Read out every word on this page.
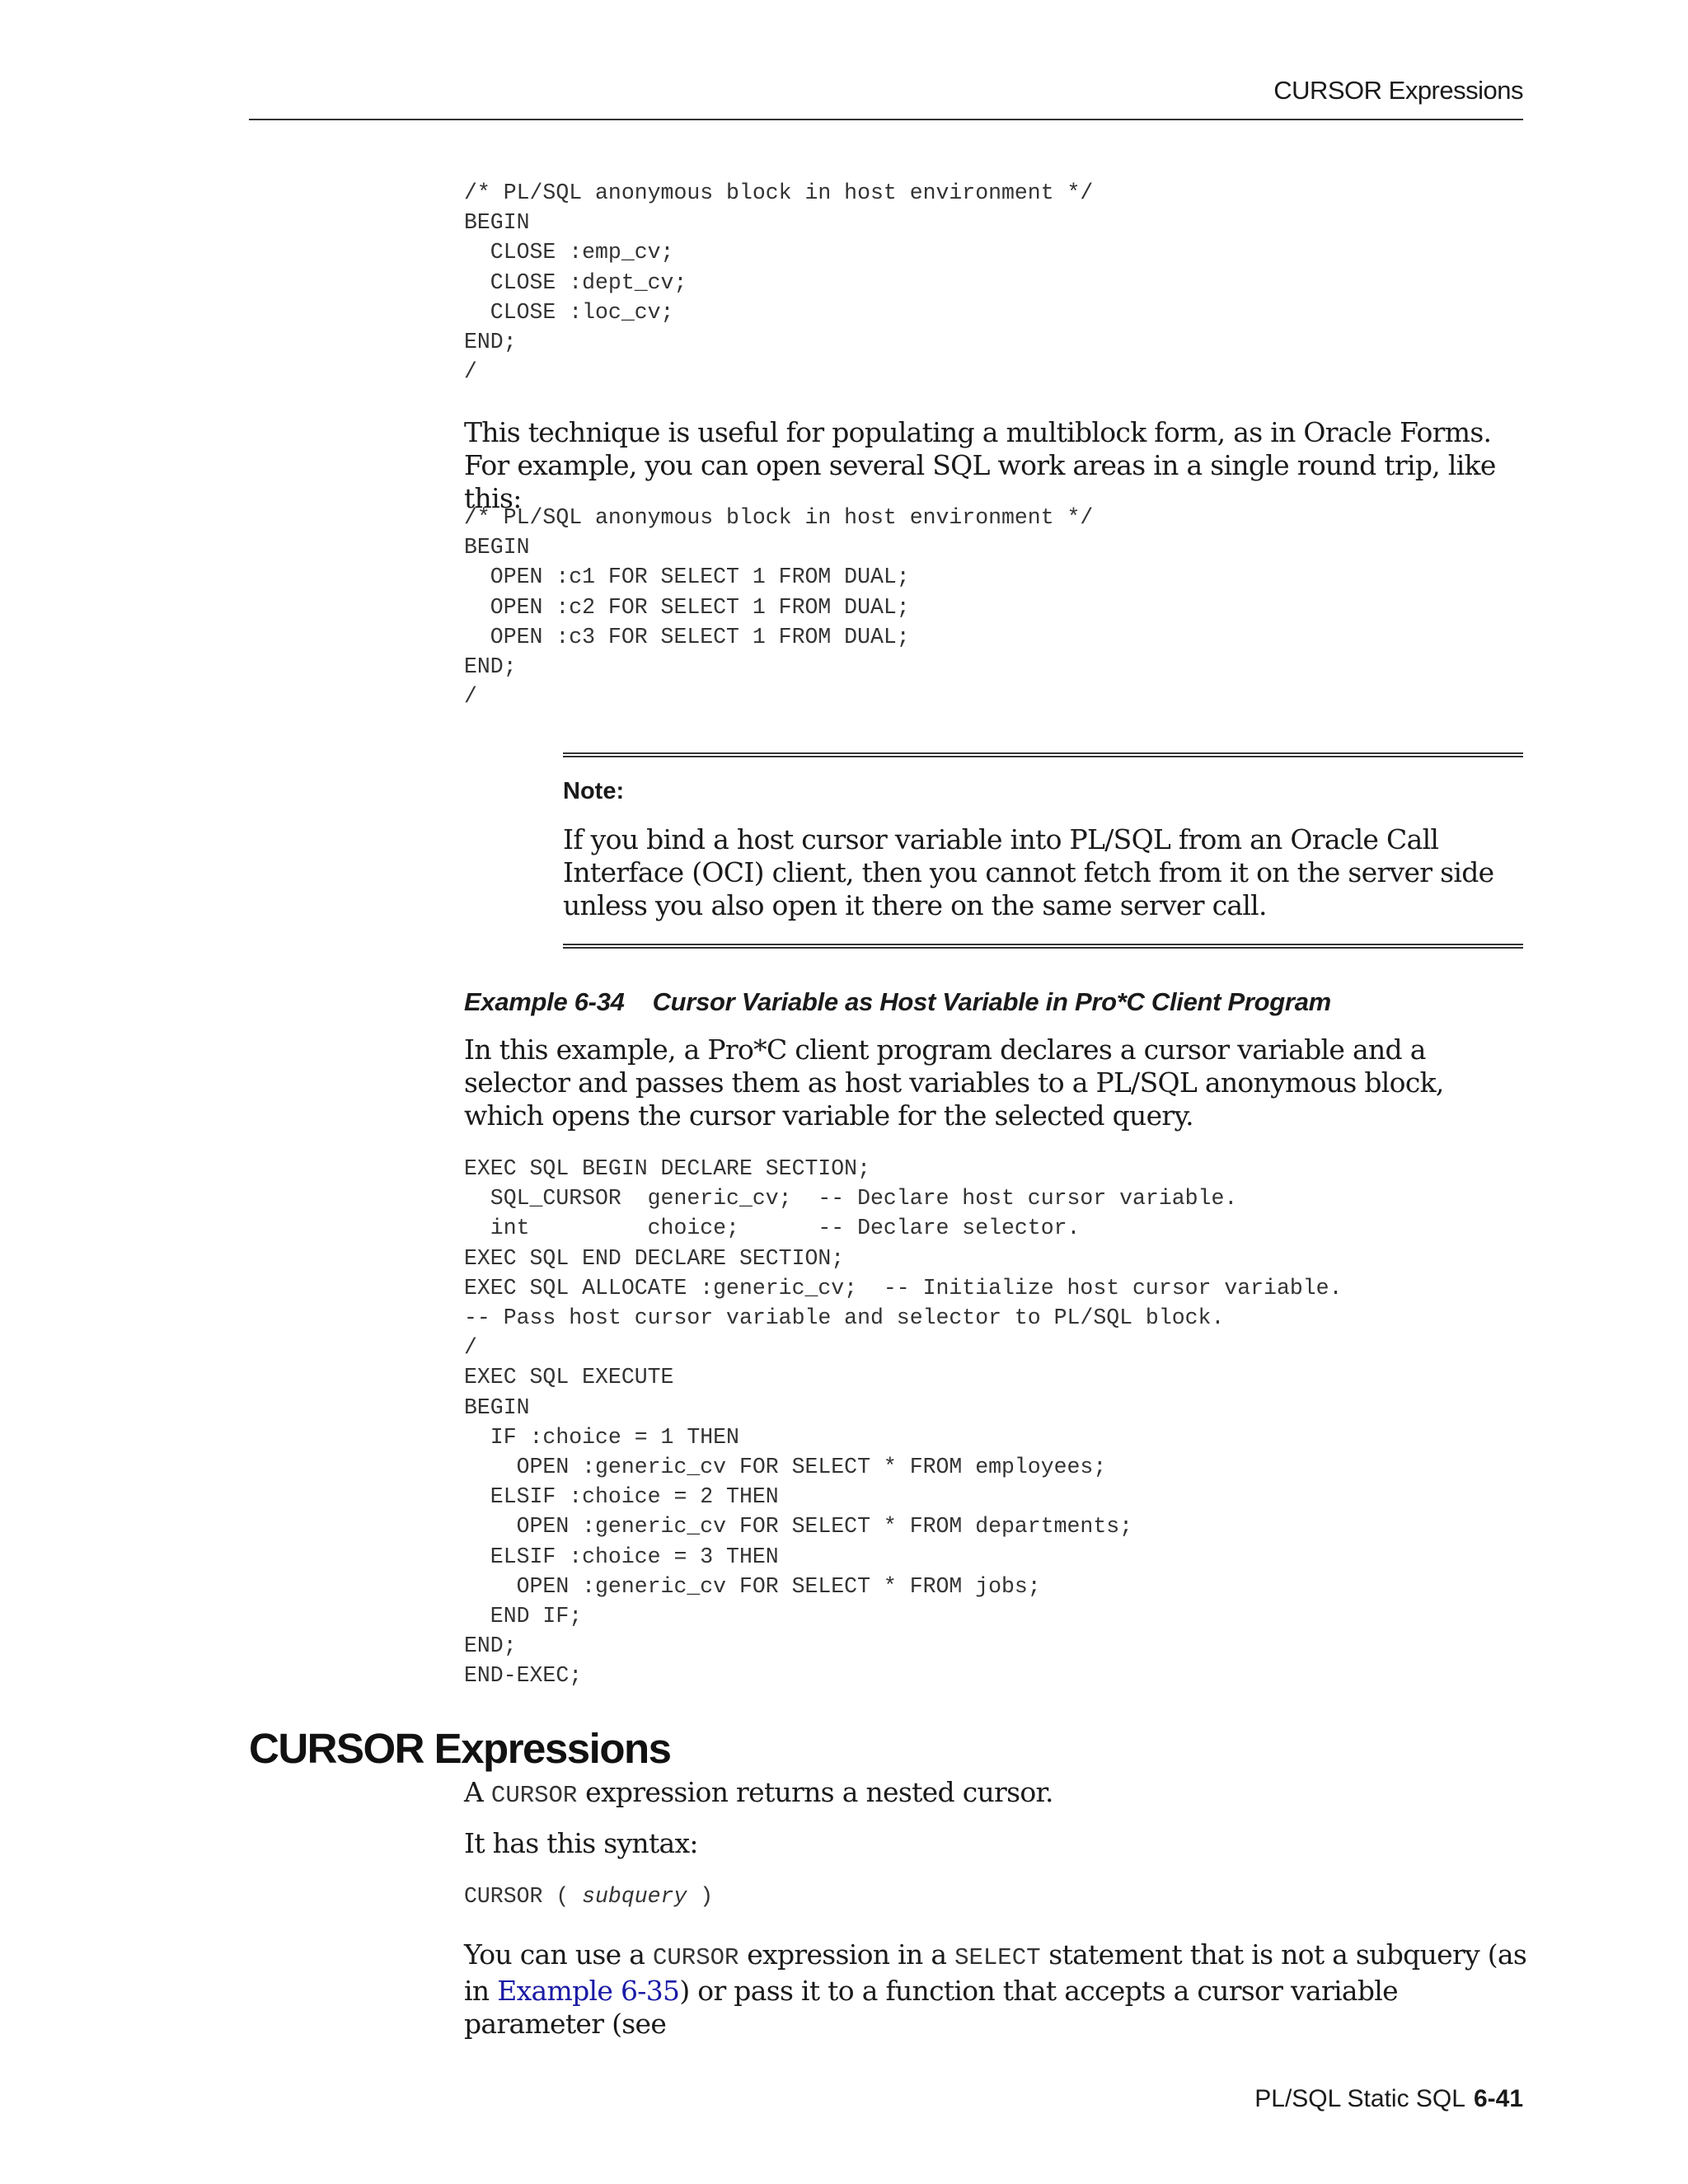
CURSOR Expressions
/* PL/SQL anonymous block in host environment */
BEGIN
CLOSE :emp_cv;
CLOSE :dept_cv;
CLOSE :loc_cv;
END;
/

This technique is useful for populating a multiblock form, as in Oracle Forms. For example, you can open several SQL work areas in a single round trip, like this:

/* PL/SQL anonymous block in host environment */
BEGIN
OPEN :c1 FOR SELECT 1 FROM DUAL;
OPEN :c2 FOR SELECT 1 FROM DUAL;
OPEN :c3 FOR SELECT 1 FROM DUAL;
END;
/
Note:

If you bind a host cursor variable into PL/SQL from an Oracle Call Interface (OCI) client, then you cannot fetch from it on the server side unless you also open it there on the same server call.

Example 6-34 Cursor Variable as Host Variable in Pro*C Client Program

In this example, a Pro*C client program declares a cursor variable and a selector and passes them as host variables to a PL/SQL anonymous block, which opens the cursor variable for the selected query.

EXEC SQL BEGIN DECLARE SECTION;
SQL_CURSOR  generic_cv;  -- Declare host cursor variable.
int         choice;      -- Declare selector.
EXEC SQL END DECLARE SECTION;
EXEC SQL ALLOCATE :generic_cv;  -- Initialize host cursor variable.
-- Pass host cursor variable and selector to PL/SQL block.
/
EXEC SQL EXECUTE
BEGIN
IF :choice = 1 THEN
OPEN :generic_cv FOR SELECT * FROM employees;
ELSIF :choice = 2 THEN
OPEN :generic_cv FOR SELECT * FROM departments;
ELSIF :choice = 3 THEN
OPEN :generic_cv FOR SELECT * FROM jobs;
END IF;
END;
END-EXEC;
CURSOR Expressions

A CURSOR expression returns a nested cursor.

It has this syntax:

CURSOR ( subquery )

You can use a CURSOR expression in a SELECT statement that is not a subquery (as in Example 6-35) or pass it to a function that accepts a cursor variable parameter (see

PL/SQL Static SQL 6-41
